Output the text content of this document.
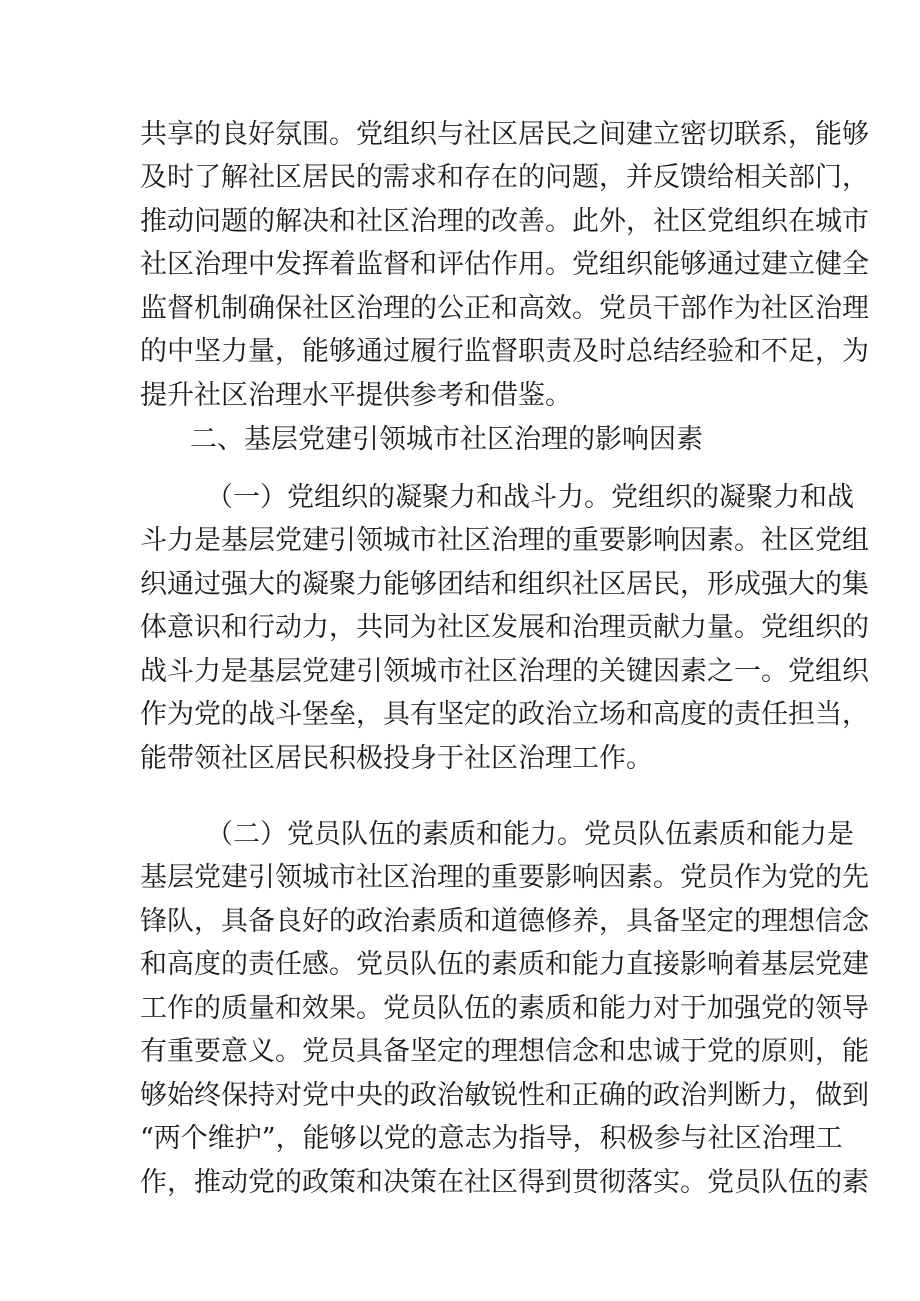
共享的良好氛围。党组织与社区居民之间建立密切联系，能够
及时了解社区居民的需求和存在的问题，并反馈给相关部门，
推动问题的解决和社区治理的改善。此外，社区党组织在城市
社区治理中发挥着监督和评估作用。党组织能够通过建立健全
监督机制确保社区治理的公正和高效。党员干部作为社区治理
的中坚力量，能够通过履行监督职责及时总结经验和不足，为
提升社区治理水平提供参考和借鉴。
二、基层党建引领城市社区治理的影响因素
（一）党组织的凝聚力和战斗力。党组织的凝聚力和战
斗力是基层党建引领城市社区治理的重要影响因素。社区党组
织通过强大的凝聚力能够团结和组织社区居民，形成强大的集
体意识和行动力，共同为社区发展和治理贡献力量。党组织的
战斗力是基层党建引领城市社区治理的关键因素之一。党组织
作为党的战斗堡垒，具有坚定的政治立场和高度的责任担当，
能带领社区居民积极投身于社区治理工作。
（二）党员队伍的素质和能力。党员队伍素质和能力是
基层党建引领城市社区治理的重要影响因素。党员作为党的先
锋队，具备良好的政治素质和道德修养，具备坚定的理想信念
和高度的责任感。党员队伍的素质和能力直接影响着基层党建
工作的质量和效果。党员队伍的素质和能力对于加强党的领导
有重要意义。党员具备坚定的理想信念和忠诚于党的原则，能
够始终保持对党中央的政治敏锐性和正确的政治判断力，做到
“两个维护”，能够以党的意志为指导，积极参与社区治理工
作，推动党的政策和决策在社区得到贯彻落实。党员队伍的素
